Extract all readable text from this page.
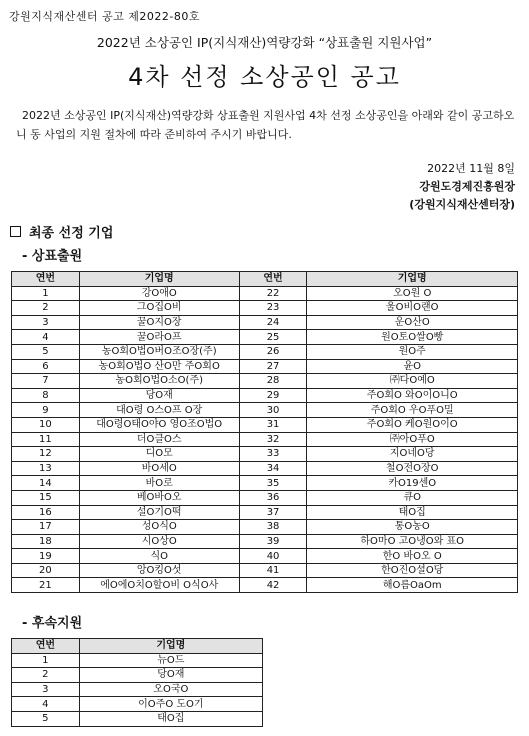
강원지식재산센터 공고 제2022-80호
2022년 소상공인 IP(지식재산)역량강화 “상표출원 지원사업”
4차 선정 소상공인 공고
2022년 소상공인 IP(지식재산)역량강화 상표출원 지원사업 4차 선정 소상공인을 아래와 같이 공고하오니 동 사업의 지원 절차에 따라 준비하여 주시기 바랍니다.
2022년 11월 8일
강원도경제진흥원장
(강원지식재산센터장)
최종 선정 기업
- 상표출원
연번	기업명	연번	기업명
1	강O애O	22	오O원 O
2	그O집O비	23	울O비O랜O
3	꿀O지O장	24	운O산O
4	꿀O라O프	25	원O토O쌀O빵
5	농O회O법O버O조O장(주)	26	원O주
6	농O회O법O 산O만 주O회O	27	윤O
7	농O회O법O소O(주)	28	㈜다O예O
8	당O재	29	주O회O 와O이O니O
9	대O령 O스O프 O장	30	주O회O 우O푸O밀
10	대O령O태O야O 영O조O법O	31	주O회O 케O원O이O
11	더O클O스	32	㈜아O푸O
12	디O모	33	지O네O당
13	바O세O	34	철O전O장O
14	바O로	35	카O19센O
15	베O바O오	36	큐O
16	설O기O떡	37	태O집
17	성O식O	38	통O농O
18	시O상O	39	하O마O 고O냉O와 표O
19	식O	40	한O 바O오 O
20	앙O킹O섯	41	한O진O셜O당
21	에O에O치O할O비 O식O사	42	해O름OaOm
- 후속지원
연번	기업명
1	뉴O드
2	당O재
3	오O국O
4	이O주O 도O기
5	태O집
